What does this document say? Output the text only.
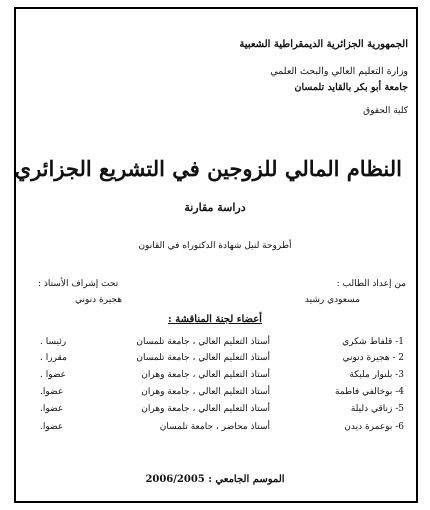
الجمهورية الجزائرية الديمقراطية الشعبية
وزارة التعليم العالي والبحث العلمي
جامعة أبو بكر بالقايد تلمسان
كلية الحقوق
النظام المالي للزوجين في التشريع الجزائري
دراسة مقارنة
أطروحة لنيل شهادة الدكتوراه في القانون
من إعداد الطالب :
تحت إشراف الأستاذ :
مسعودي رشيد
هجيرة دنوني
أعضاء لجنة المناقشة :
1- قلفاط شكري
أستاذ التعليم العالي ، جامعة تلمسان
رئيسا .
2 - هجيرة دنوني
أستاذ التعليم العالي ، جامعة تلمسان
مقررا .
3- بلنوار مليكة
أستاذ التعليم العالي ، جامعة وهران
عضوا .
4- بوخالفي فاطمة
أستاذ التعليم العالي ، جامعة وهران
عضوا.
5- زناقي دليلة
أستاذ التعليم العالي ، جامعة وهران
عضوا.
6- بوعمرة ديدن
أستاذ محاضر ، جامعة تلمسان
عضوا.
الموسم الجامعي : 2006/2005
